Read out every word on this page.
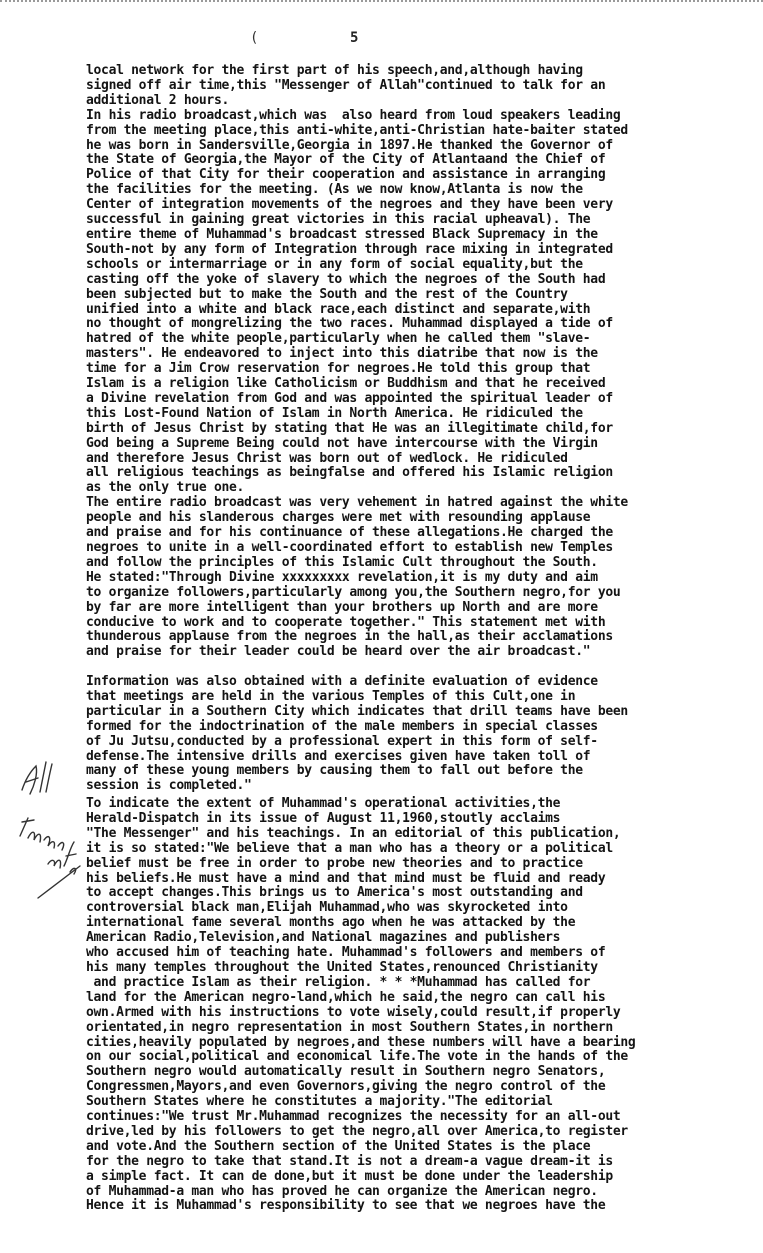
(	5
local network for the first part of his speech,and,although having
signed off air time,this "Messenger of Allah"continued to talk for an
additional 2 hours.
In his radio broadcast,which was  also heard from loud speakers leading
from the meeting place,this anti-white,anti-Christian hate-baiter stated
he was born in Sandersville,Georgia in 1897.He thanked the Governor of
the State of Georgia,the Mayor of the City of Atlantaand the Chief of
Police of that City for their cooperation and assistance in arranging
the facilities for the meeting. (As we now know,Atlanta is now the
Center of integration movements of the negroes and they have been very
successful in gaining great victories in this racial upheaval). The
entire theme of Muhammad's broadcast stressed Black Supremacy in the
South-not by any form of Integration through race mixing in integrated
schools or intermarriage or in any form of social equality,but the
casting off the yoke of slavery to which the negroes of the South had
been subjected but to make the South and the rest of the Country
unified into a white and black race,each distinct and separate,with
no thought of mongrelizing the two races. Muhammad displayed a tide of
hatred of the white people,particularly when he called them "slave-
masters". He endeavored to inject into this diatribe that now is the
time for a Jim Crow reservation for negroes.He told this group that
Islam is a religion like Catholicism or Buddhism and that he received
a Divine revelation from God and was appointed the spiritual leader of
this Lost-Found Nation of Islam in North America. He ridiculed the
birth of Jesus Christ by stating that He was an illegitimate child,for
God being a Supreme Being could not have intercourse with the Virgin
and therefore Jesus Christ was born out of wedlock. He ridiculed
all religious teachings as beingfalse and offered his Islamic religion
as the only true one.
The entire radio broadcast was very vehement in hatred against the white
people and his slanderous charges were met with resounding applause
and praise and for his continuance of these allegations.He charged the
negroes to unite in a well-coordinated effort to establish new Temples
and follow the principles of this Islamic Cult throughout the South.
He stated:"Through Divine xxxxxxxxx revelation,it is my duty and aim
to organize followers,particularly among you,the Southern negro,for you
by far are more intelligent than your brothers up North and are more
conducive to work and to cooperate together." This statement met with
thunderous applause from the negroes in the hall,as their acclamations
and praise for their leader could be heard over the air broadcast."
Information was also obtained with a definite evaluation of evidence
that meetings are held in the various Temples of this Cult,one in
particular in a Southern City which indicates that drill teams have been
formed for the indoctrination of the male members in special classes
of Ju Jutsu,conducted by a professional expert in this form of self-
defense.The intensive drills and exercises given have taken toll of
many of these young members by causing them to fall out before the
session is completed."
To indicate the extent of Muhammad's operational activities,the
Herald-Dispatch in its issue of August 11,1960,stoutly acclaims
"The Messenger" and his teachings. In an editorial of this publication,
it is so stated:"We believe that a man who has a theory or a political
belief must be free in order to probe new theories and to practice
his beliefs.He must have a mind and that mind must be fluid and ready
to accept changes.This brings us to America's most outstanding and
controversial black man,Elijah Muhammad,who was skyrocketed into
international fame several months ago when he was attacked by the
American Radio,Television,and National magazines and publishers
who accused him of teaching hate. Muhammad's followers and members of
his many temples throughout the United States,renounced Christianity
and practice Islam as their religion. * * *Muhammad has called for
land for the American negro-land,which he said,the negro can call his
own.Armed with his instructions to vote wisely,could result,if properly
orientated,in negro representation in most Southern States,in northern
cities,heavily populated by negroes,and these numbers will have a bearing
on our social,political and economical life.The vote in the hands of the
Southern negro would automatically result in Southern negro Senators,
Congressmen,Mayors,and even Governors,giving the negro control of the
Southern States where he constitutes a majority."The editorial
continues:"We trust Mr.Muhammad recognizes the necessity for an all-out
drive,led by his followers to get the negro,all over America,to register
and vote.And the Southern section of the United States is the place
for the negro to take that stand.It is not a dream-a vague dream-it is
a simple fact. It can de done,but it must be done under the leadership
of Muhammad-a man who has proved he can organize the American negro.
Hence it is Muhammad's responsibility to see that we negroes have the
